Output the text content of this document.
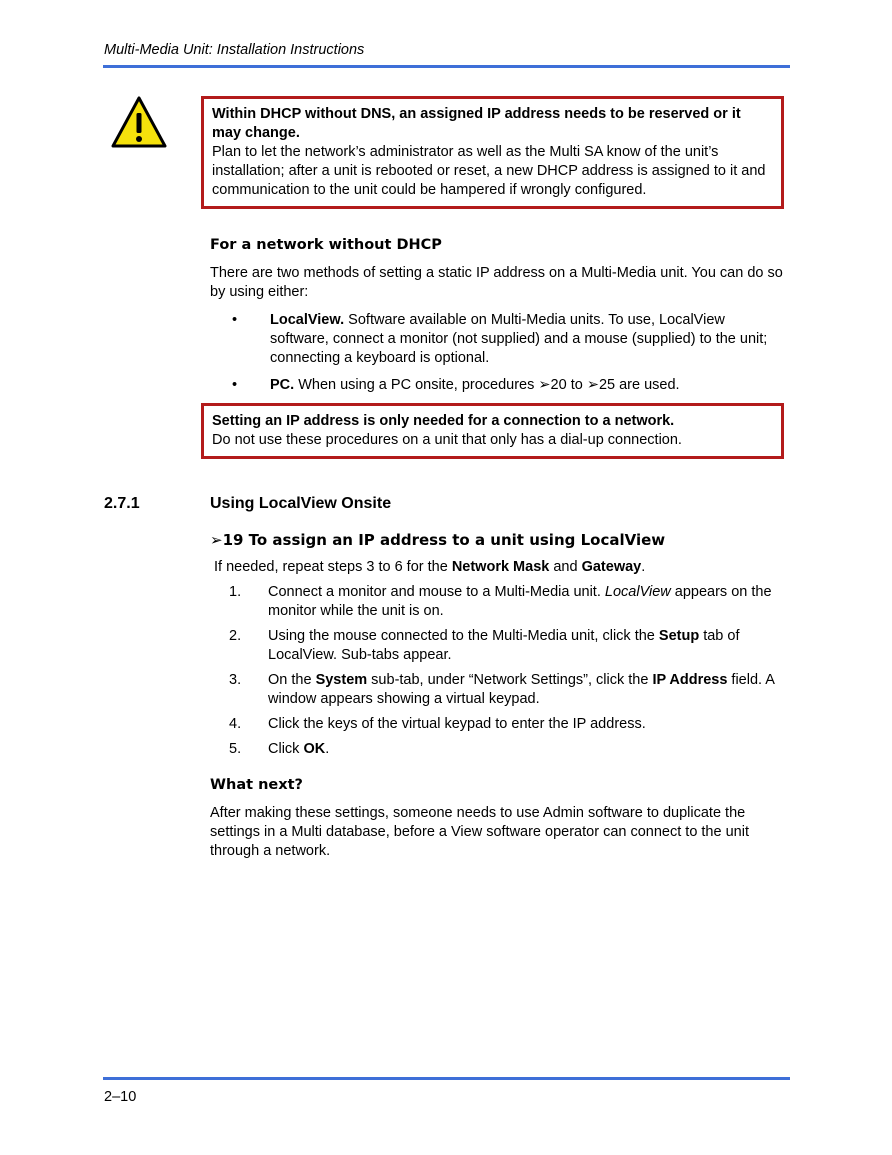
Multi-Media Unit: Installation Instructions

Within DHCP without DNS, an assigned IP address needs to be reserved or it may change.

Plan to let the network’s administrator as well as the Multi SA know of the unit’s installation; after a unit is rebooted or reset, a new DHCP address is assigned to it and communication to the unit could be hampered if wrongly configured.

For a network without DHCP
There are two methods of setting a static IP address on a Multi-Media unit. You can do so by using either:
• LocalView. Software available on Multi-Media units. To use, LocalView software, connect a monitor (not supplied) and a mouse (supplied) to the unit; connecting a keyboard is optional.
• PC. When using a PC onsite, procedures ➢20 to ➢25 are used.

Setting an IP address is only needed for a connection to a network.

Do not use these procedures on a unit that only has a dial-up connection.

2.7.1	Using LocalView Onsite
➢19 To assign an IP address to a unit using LocalView
If needed, repeat steps 3 to 6 for the Network Mask and Gateway.
1.	Connect a monitor and mouse to a Multi-Media unit. LocalView appears on the monitor while the unit is on.
2.	Using the mouse connected to the Multi-Media unit, click the Setup tab of LocalView. Sub-tabs appear.
3.	On the System sub-tab, under “Network Settings”, click the IP Address field. A window appears showing a virtual keypad.
4.	Click the keys of the virtual keypad to enter the IP address.
5.	Click OK.
What next?
After making these settings, someone needs to use Admin software to duplicate the settings in a Multi database, before a View software operator can connect to the unit through a network.
2–10
